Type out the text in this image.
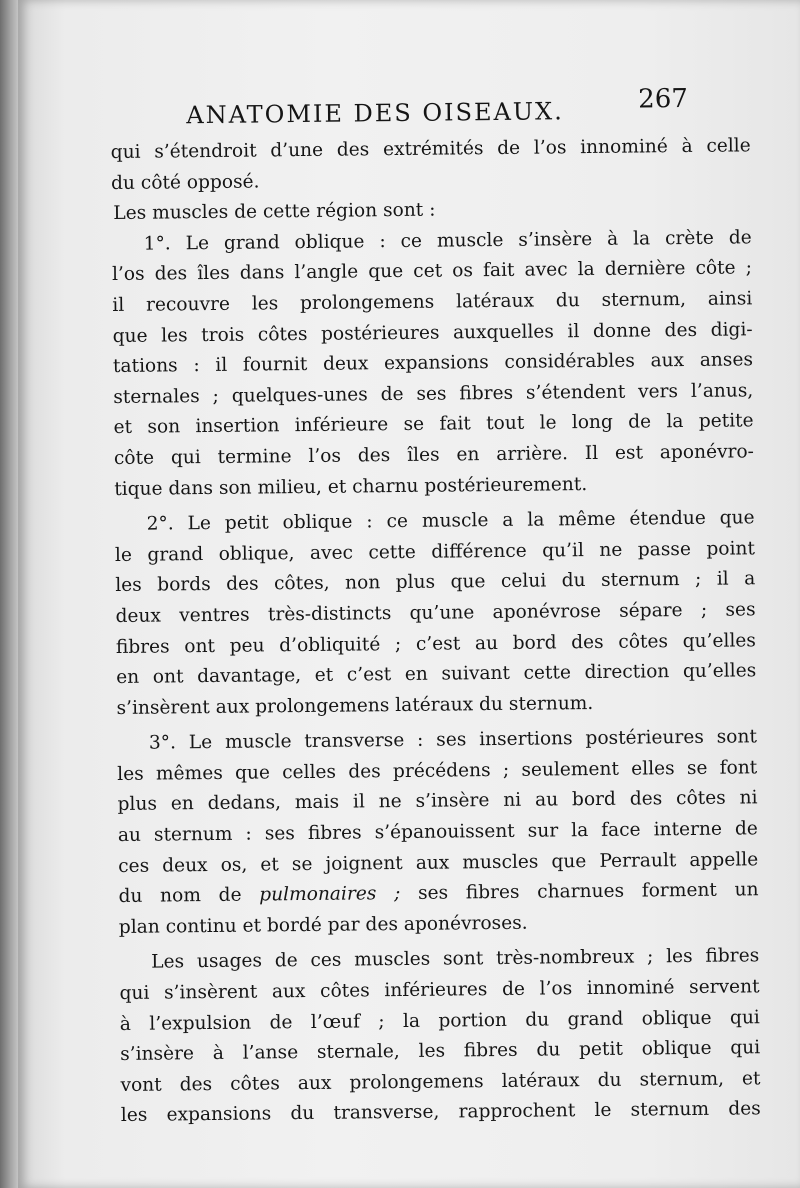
ANATOMIE DES OISEAUX.	267
qui s’étendroit d’une des extrémités de l’os innominé à celle
du côté opposé.
Les muscles de cette région sont :
1°. Le grand oblique : ce muscle s’insère à la crète de
l’os des îles dans l’angle que cet os fait avec la dernière côte ;
il recouvre les prolongemens latéraux du sternum, ainsi
que les trois côtes postérieures auxquelles il donne des digi-
tations : il fournit deux expansions considérables aux anses
sternales ; quelques-unes de ses fibres s’étendent vers l’anus,
et son insertion inférieure se fait tout le long de la petite
côte qui termine l’os des îles en arrière. Il est aponévro-
tique dans son milieu, et charnu postérieurement.
2°. Le petit oblique : ce muscle a la même étendue que
le grand oblique, avec cette différence qu’il ne passe point
les bords des côtes, non plus que celui du sternum ; il a
deux ventres très-distincts qu’une aponévrose sépare ; ses
fibres ont peu d’obliquité ; c’est au bord des côtes qu’elles
en ont davantage, et c’est en suivant cette direction qu’elles
s’insèrent aux prolongemens latéraux du sternum.
3°. Le muscle transverse : ses insertions postérieures sont
les mêmes que celles des précédens ; seulement elles se font
plus en dedans, mais il ne s’insère ni au bord des côtes ni
au sternum : ses fibres s’épanouissent sur la face interne de
ces deux os, et se joignent aux muscles que Perrault appelle
du nom de pulmonaires ; ses fibres charnues forment un
plan continu et bordé par des aponévroses.
Les usages de ces muscles sont très-nombreux ; les fibres
qui s’insèrent aux côtes inférieures de l’os innominé servent
à l’expulsion de l’œuf ; la portion du grand oblique qui
s’insère à l’anse sternale, les fibres du petit oblique qui
vont des côtes aux prolongemens latéraux du sternum, et
les expansions du transverse, rapprochent le sternum des
